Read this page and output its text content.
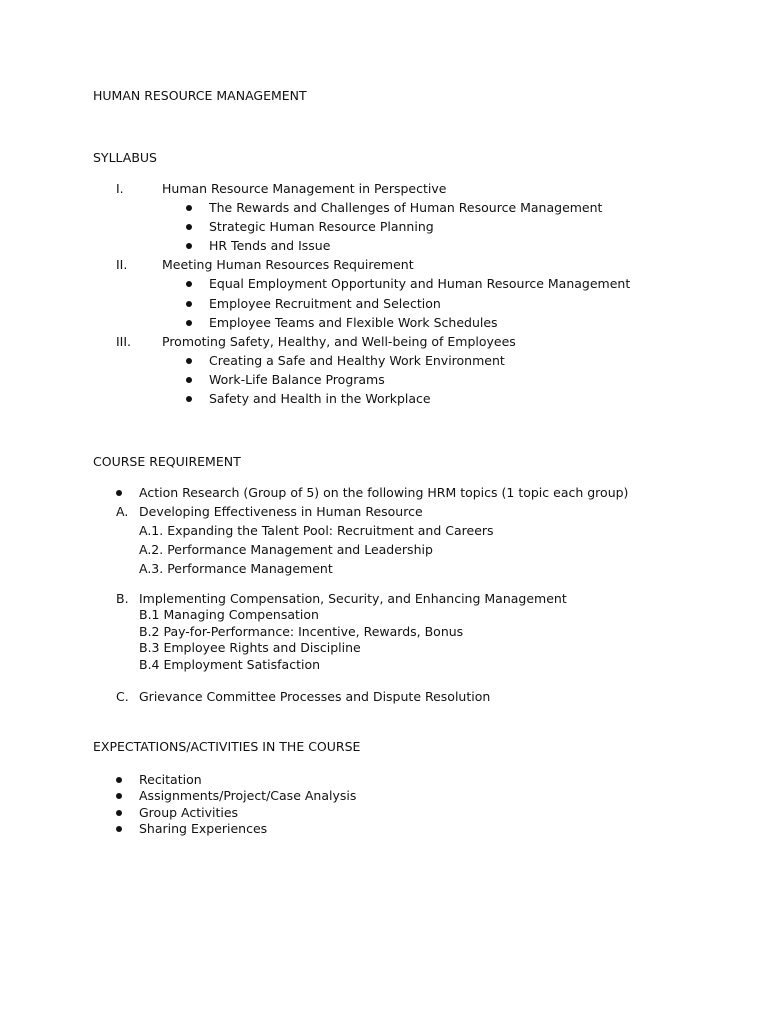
HUMAN RESOURCE MANAGEMENT
SYLLABUS
I.	Human Resource Management in Perspective
The Rewards and Challenges of Human Resource Management
Strategic Human Resource Planning
HR Tends and Issue
II.	Meeting Human Resources Requirement
Equal Employment Opportunity and Human Resource Management
Employee Recruitment and Selection
Employee Teams and Flexible Work Schedules
III. Promoting Safety, Healthy, and Well-being of Employees
Creating a Safe and Healthy Work Environment
Work-Life Balance Programs
Safety and Health in the Workplace
COURSE REQUIREMENT
Action Research (Group of 5) on the following HRM topics (1 topic each group)
A. Developing Effectiveness in Human Resource
A.1. Expanding the Talent Pool: Recruitment and Careers
A.2. Performance Management and Leadership
A.3. Performance Management
B. Implementing Compensation, Security, and Enhancing Management
B.1 Managing Compensation
B.2 Pay-for-Performance: Incentive, Rewards, Bonus
B.3 Employee Rights and Discipline
B.4 Employment Satisfaction
C. Grievance Committee Processes and Dispute Resolution
EXPECTATIONS/ACTIVITIES IN THE COURSE
Recitation
Assignments/Project/Case Analysis
Group Activities
Sharing Experiences
